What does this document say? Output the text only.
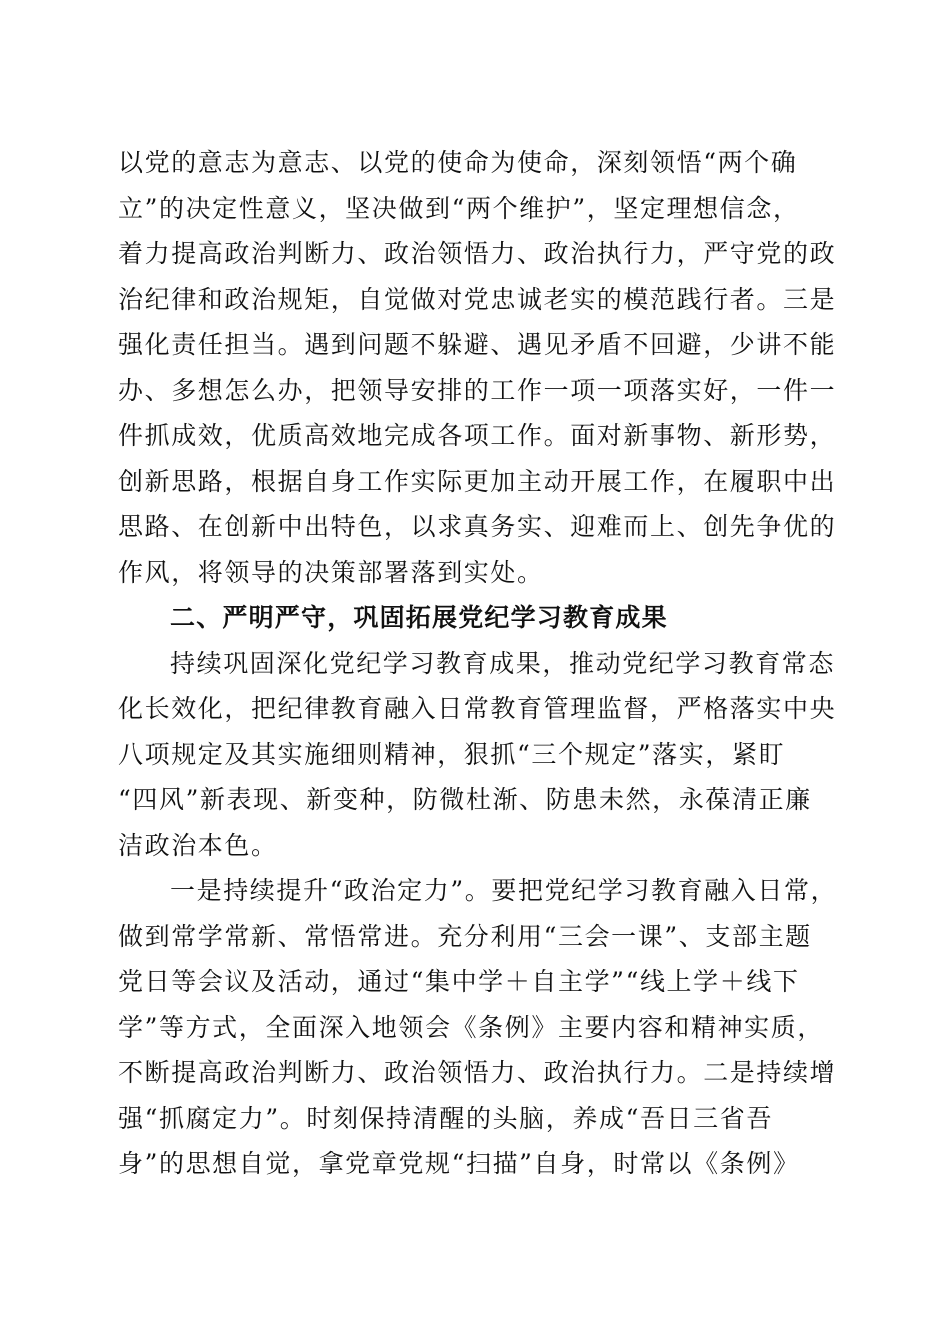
以党的意志为意志、以党的使命为使命，深刻领悟“两个确
立”的决定性意义，坚决做到“两个维护”，坚定理想信念，
着力提高政治判断力、政治领悟力、政治执行力，严守党的政
治纪律和政治规矩，自觉做对党忠诚老实的模范践行者。三是
强化责任担当。遇到问题不躲避、遇见矛盾不回避，少讲不能
办、多想怎么办，把领导安排的工作一项一项落实好，一件一
件抓成效，优质高效地完成各项工作。面对新事物、新形势，
创新思路，根据自身工作实际更加主动开展工作，在履职中出
思路、在创新中出特色，以求真务实、迎难而上、创先争优的
作风，将领导的决策部署落到实处。
二、严明严守，巩固拓展党纪学习教育成果
持续巩固深化党纪学习教育成果，推动党纪学习教育常态
化长效化，把纪律教育融入日常教育管理监督，严格落实中央
八项规定及其实施细则精神，狠抓“三个规定”落实，紧盯
“四风”新表现、新变种，防微杜渐、防患未然，永葆清正廉
洁政治本色。
一是持续提升“政治定力”。要把党纪学习教育融入日常，
做到常学常新、常悟常进。充分利用“三会一课”、支部主题
党日等会议及活动，通过“集中学＋自主学”“线上学＋线下
学”等方式，全面深入地领会《条例》主要内容和精神实质，
不断提高政治判断力、政治领悟力、政治执行力。二是持续增
强“抓腐定力”。时刻保持清醒的头脑，养成“吾日三省吾
身”的思想自觉，拿党章党规“扫描”自身，时常以《条例》
